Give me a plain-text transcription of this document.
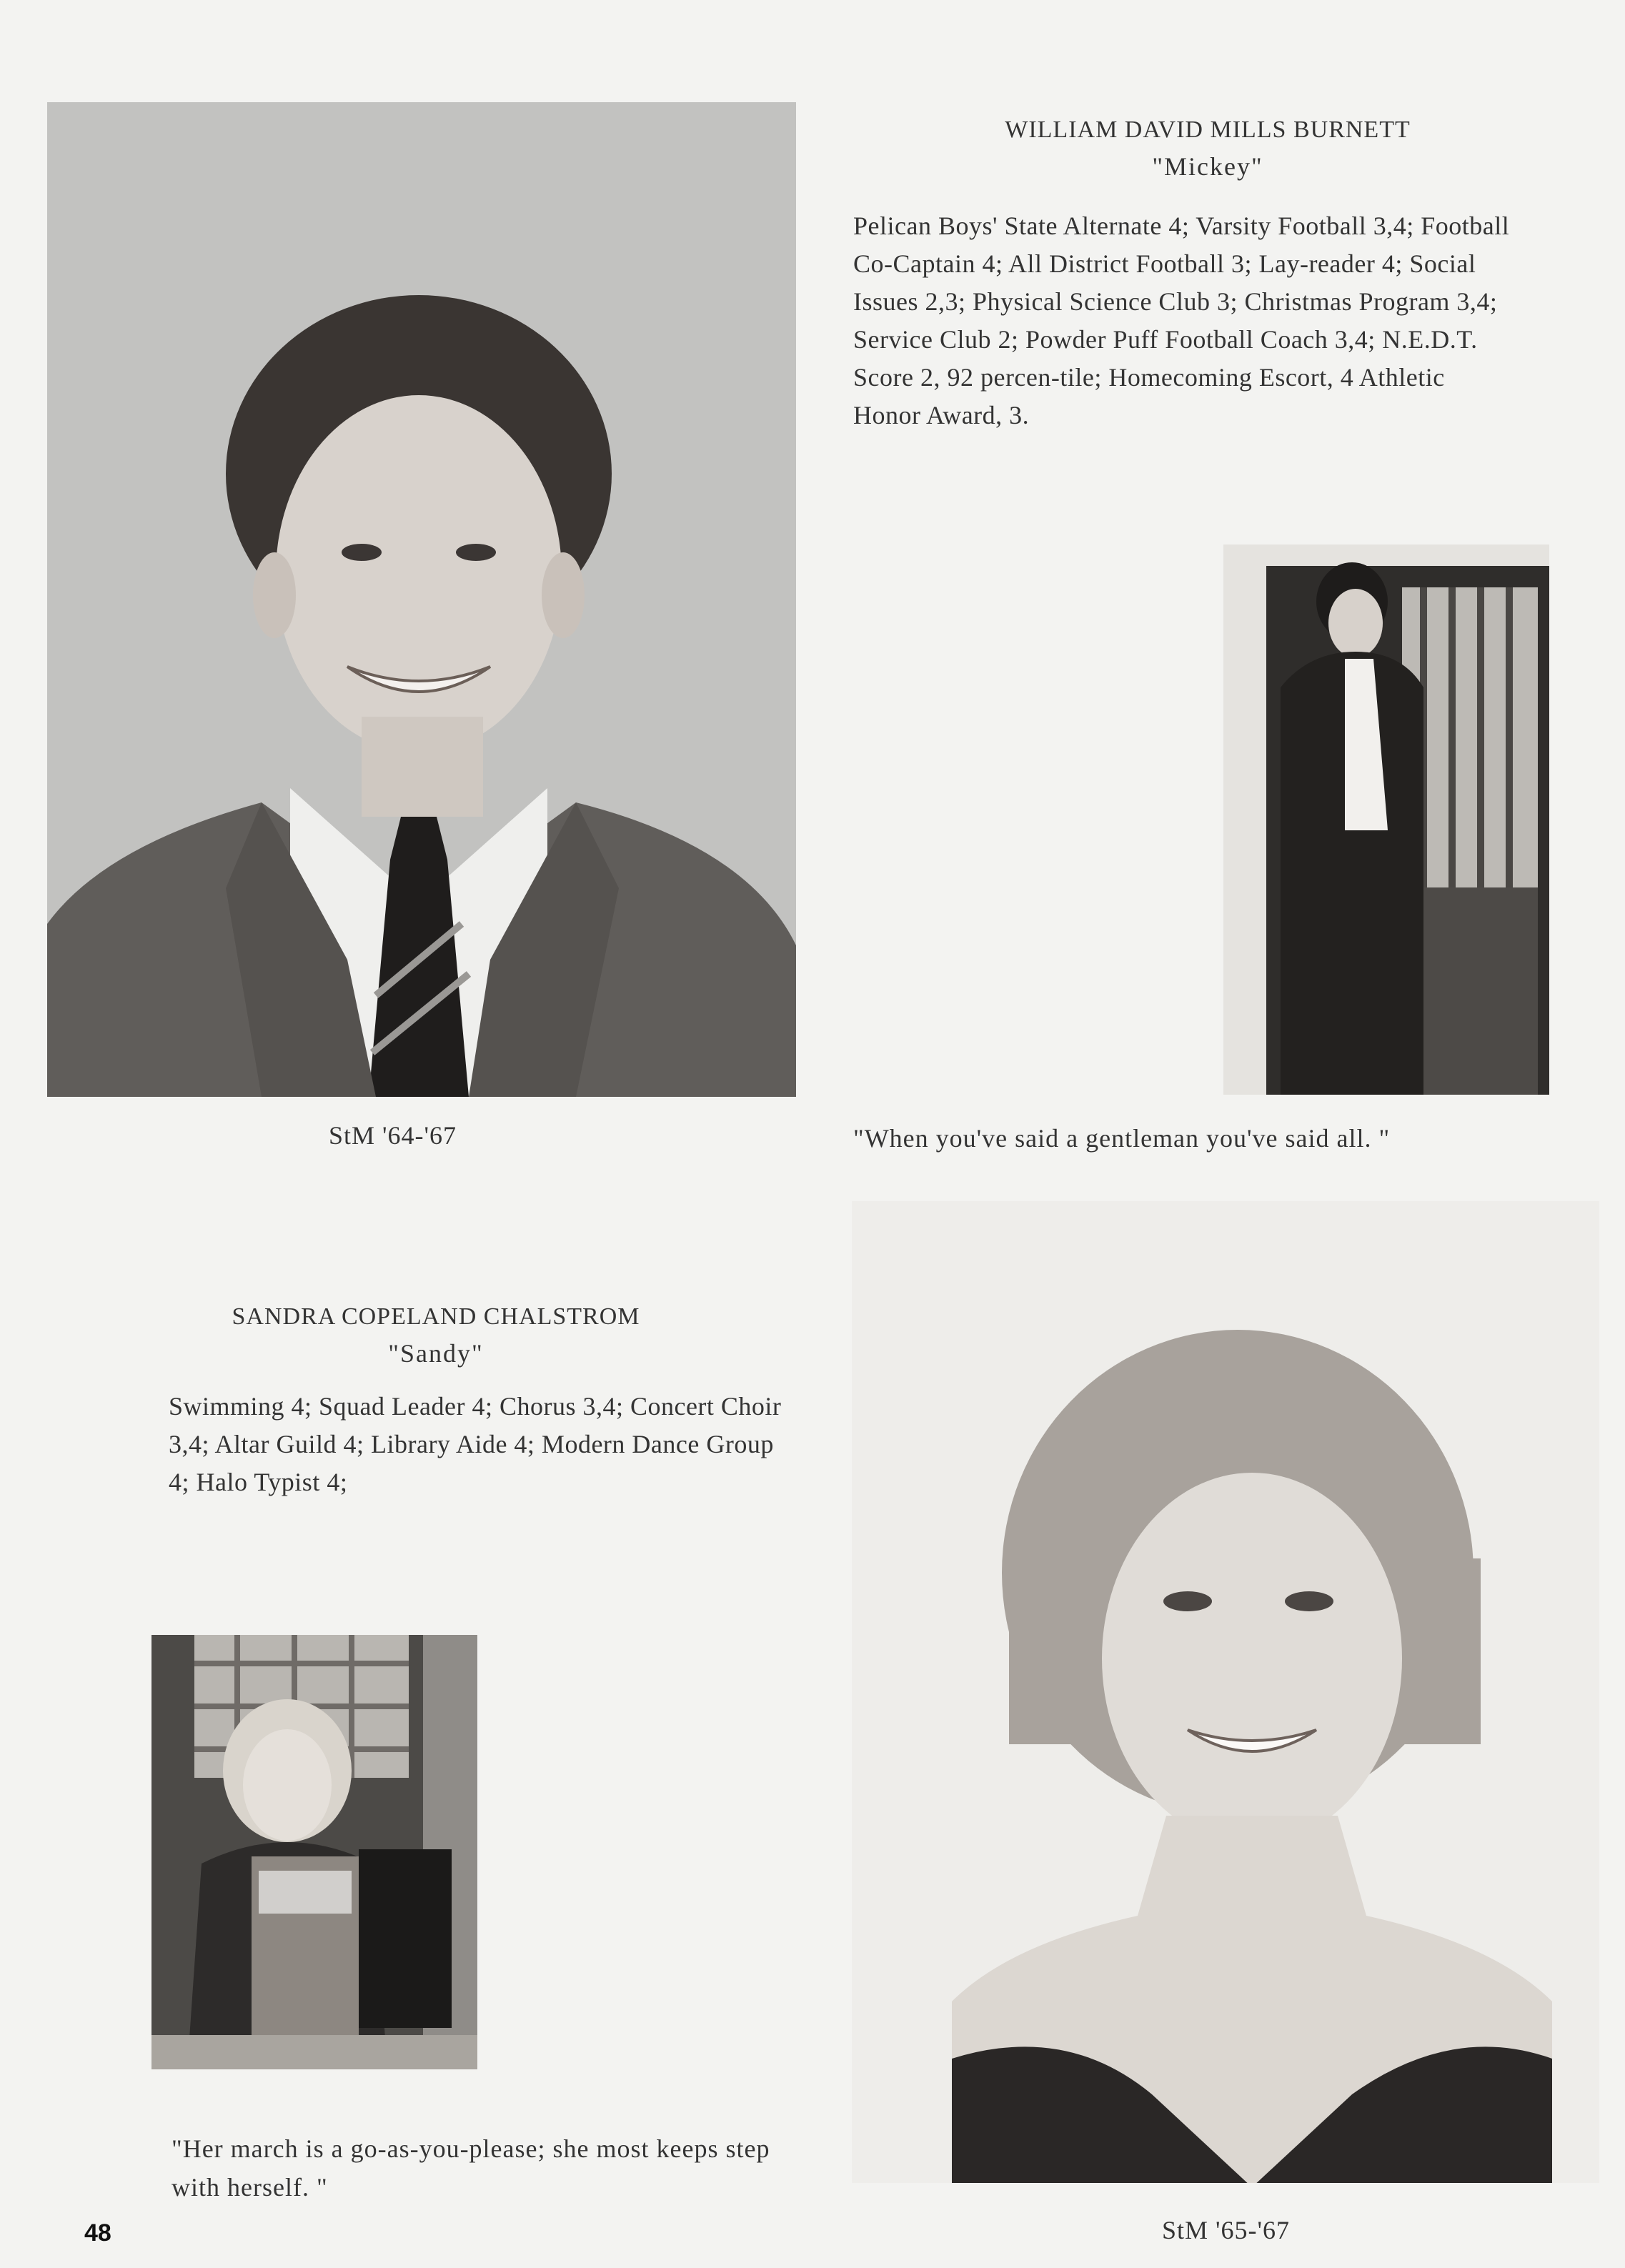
WILLIAM DAVID MILLS BURNETT
"Mickey"
Pelican Boys' State Alternate 4; Varsity Football 3,4; Football Co-Captain 4; All District Football 3; Lay-reader 4; Social Issues 2,3; Physical Science Club 3; Christmas Program 3,4; Service Club 2; Powder Puff Football Coach 3,4; N.E.D.T. Score 2, 92 percen-tile; Homecoming Escort, 4 Athletic Honor Award, 3.
StM '64-'67	"When you've said a gentleman you've said all. "
SANDRA COPELAND CHALSTROM
"Sandy"
Swimming 4; Squad Leader 4; Chorus 3,4; Concert Choir 3,4; Altar Guild 4; Library Aide 4; Modern Dance Group 4; Halo Typist 4;
"Her march is a go-as-you-please; she most keeps step with herself. "
StM '65-'67
48
